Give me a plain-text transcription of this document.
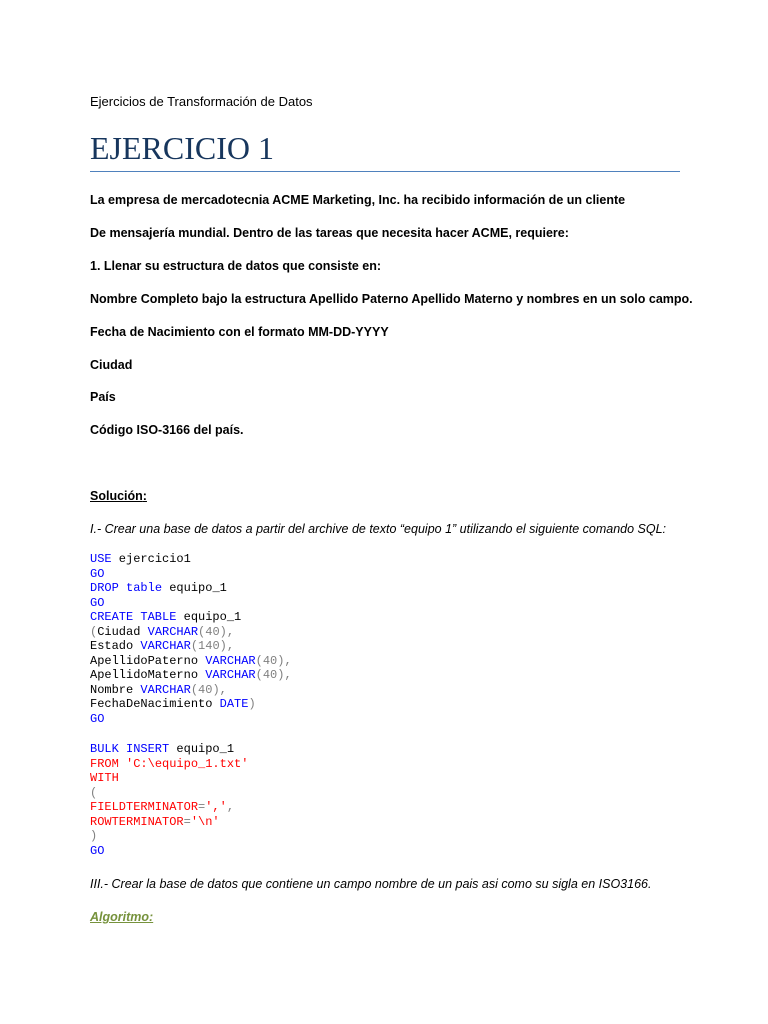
Ejercicios de Transformación de Datos
EJERCICIO 1
La empresa de mercadotecnia ACME Marketing, Inc. ha recibido información de un cliente
De mensajería mundial. Dentro de las tareas que necesita hacer ACME, requiere:
1. Llenar su estructura de datos que consiste en:
Nombre Completo bajo la estructura Apellido Paterno Apellido Materno y nombres en un solo campo.
Fecha de Nacimiento con el formato MM-DD-YYYY
Ciudad
País
Código ISO-3166 del país.
Solución:
I.- Crear una base de datos a partir del archive de texto “equipo 1” utilizando el siguiente comando SQL:
USE ejercicio1
GO
DROP table equipo_1
GO
CREATE TABLE equipo_1
(Ciudad VARCHAR(40),
Estado VARCHAR(140),
ApellidoPaterno VARCHAR(40),
ApellidoMaterno VARCHAR(40),
Nombre VARCHAR(40),
FechaDeNacimiento DATE)
GO
BULK INSERT equipo_1
FROM 'C:\equipo_1.txt'
WITH
(
FIELDTERMINATOR=',',
ROWTERMINATOR='\n'
)
GO
III.- Crear la base de datos que contiene un campo nombre de un pais asi como su sigla en ISO3166.
Algoritmo:
